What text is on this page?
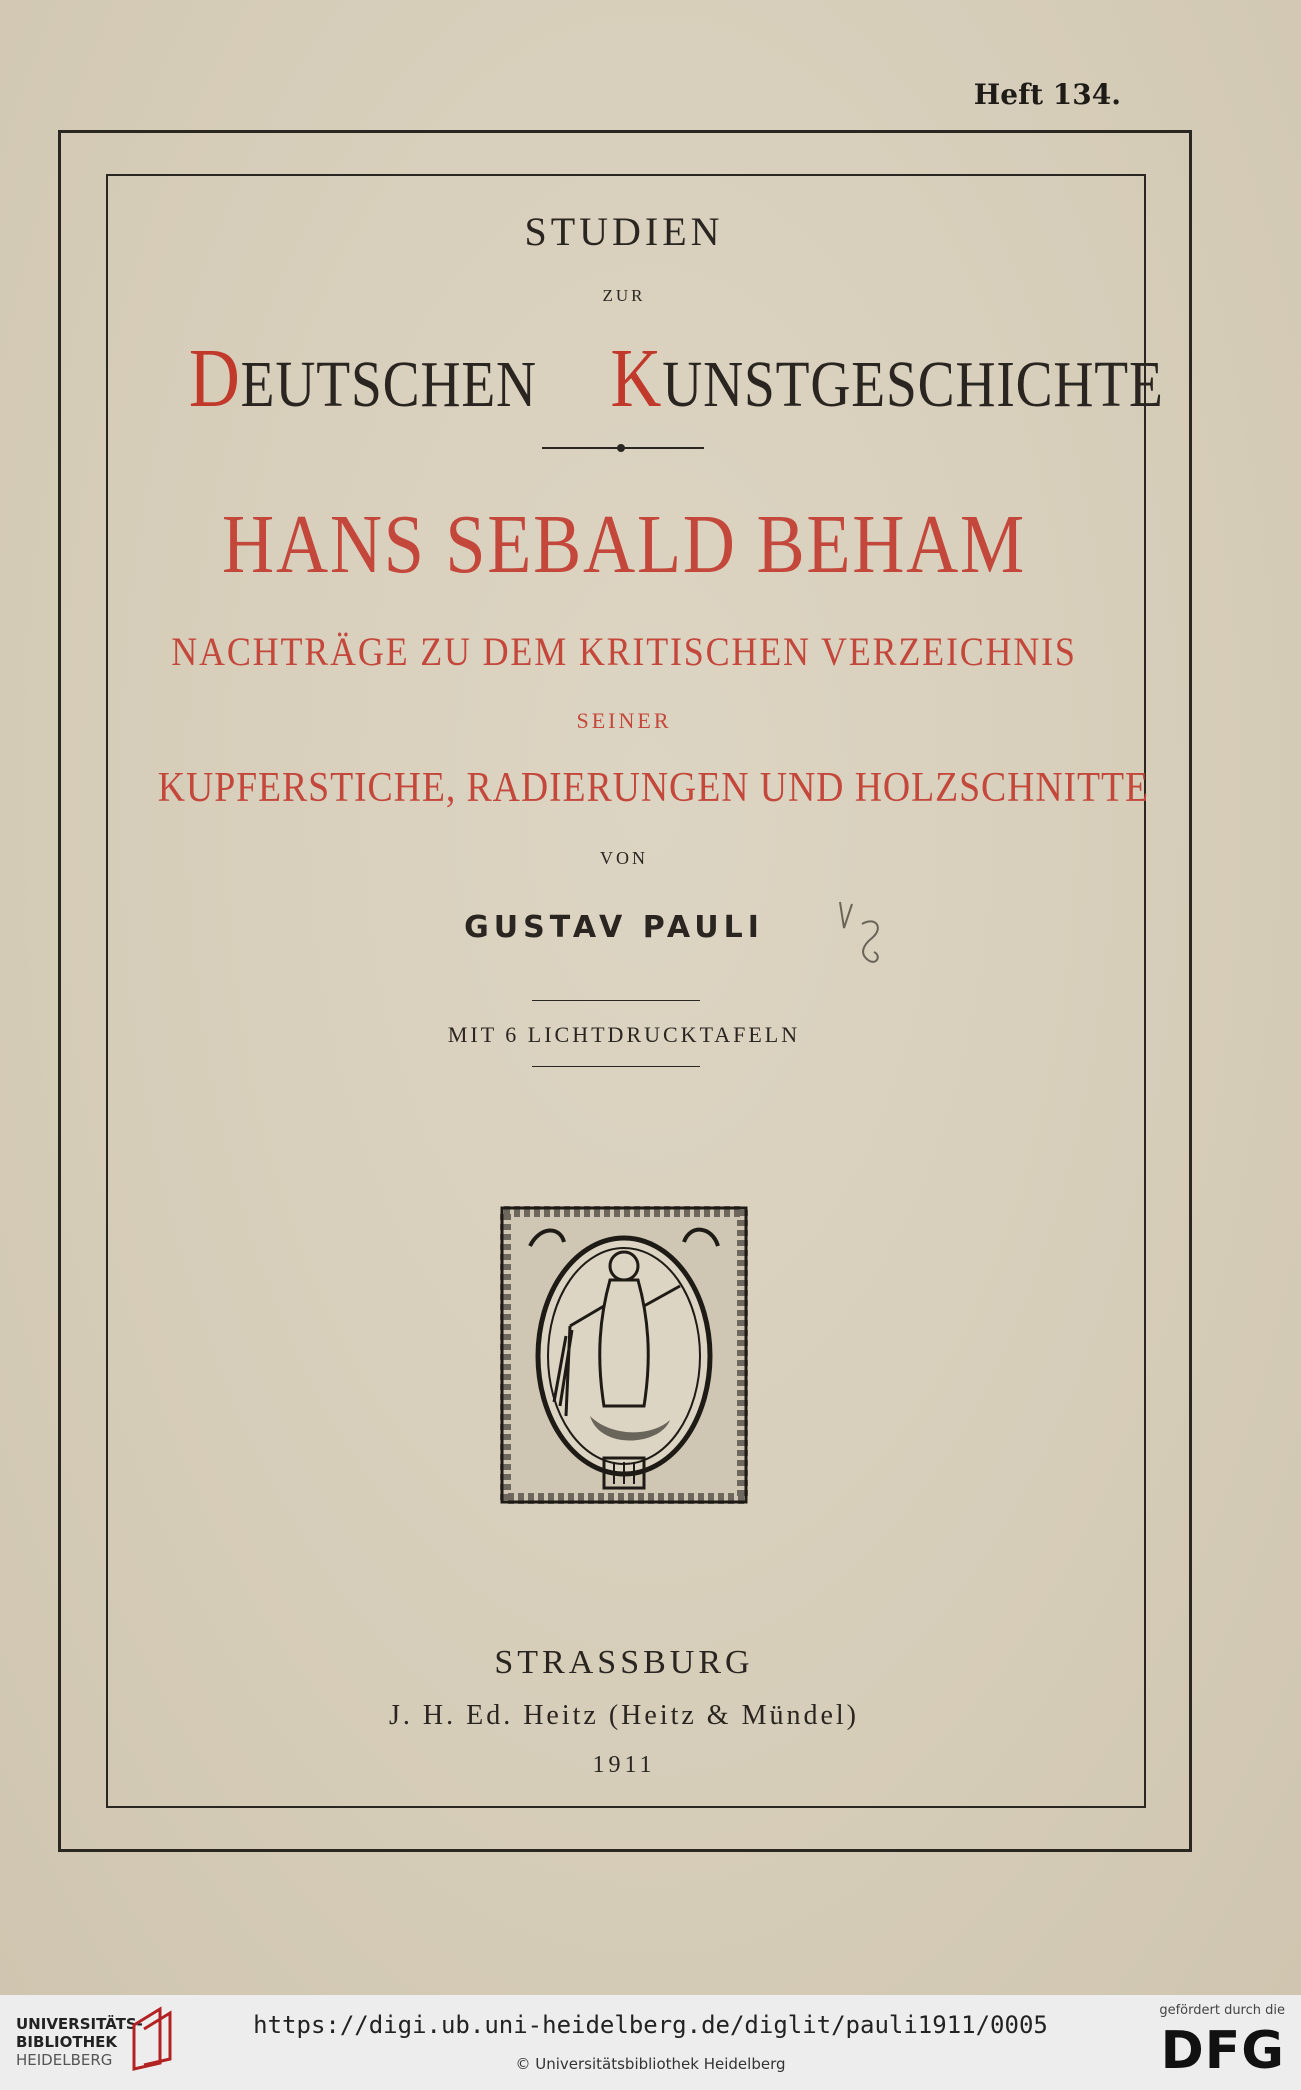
Heft 134.
STUDIEN
ZUR
DEUTSCHEN KUNSTGESCHICHTE
HANS SEBALD BEHAM
NACHTRÄGE ZU DEM KRITISCHEN VERZEICHNIS
SEINER
KUPFERSTICHE, RADIERUNGEN UND HOLZSCHNITTE
VON
GUSTAV PAULI
MIT 6 LICHTDRUCKTAFELN
STRASSBURG
J. H. Ed. Heitz (Heitz & Mündel)
1911
UNIVERSITÄTS-
BIBLIOTHEK
HEIDELBERG
https://digi.ub.uni-heidelberg.de/diglit/pauli1911/0005
© Universitätsbibliothek Heidelberg
gefördert durch die
DFG
